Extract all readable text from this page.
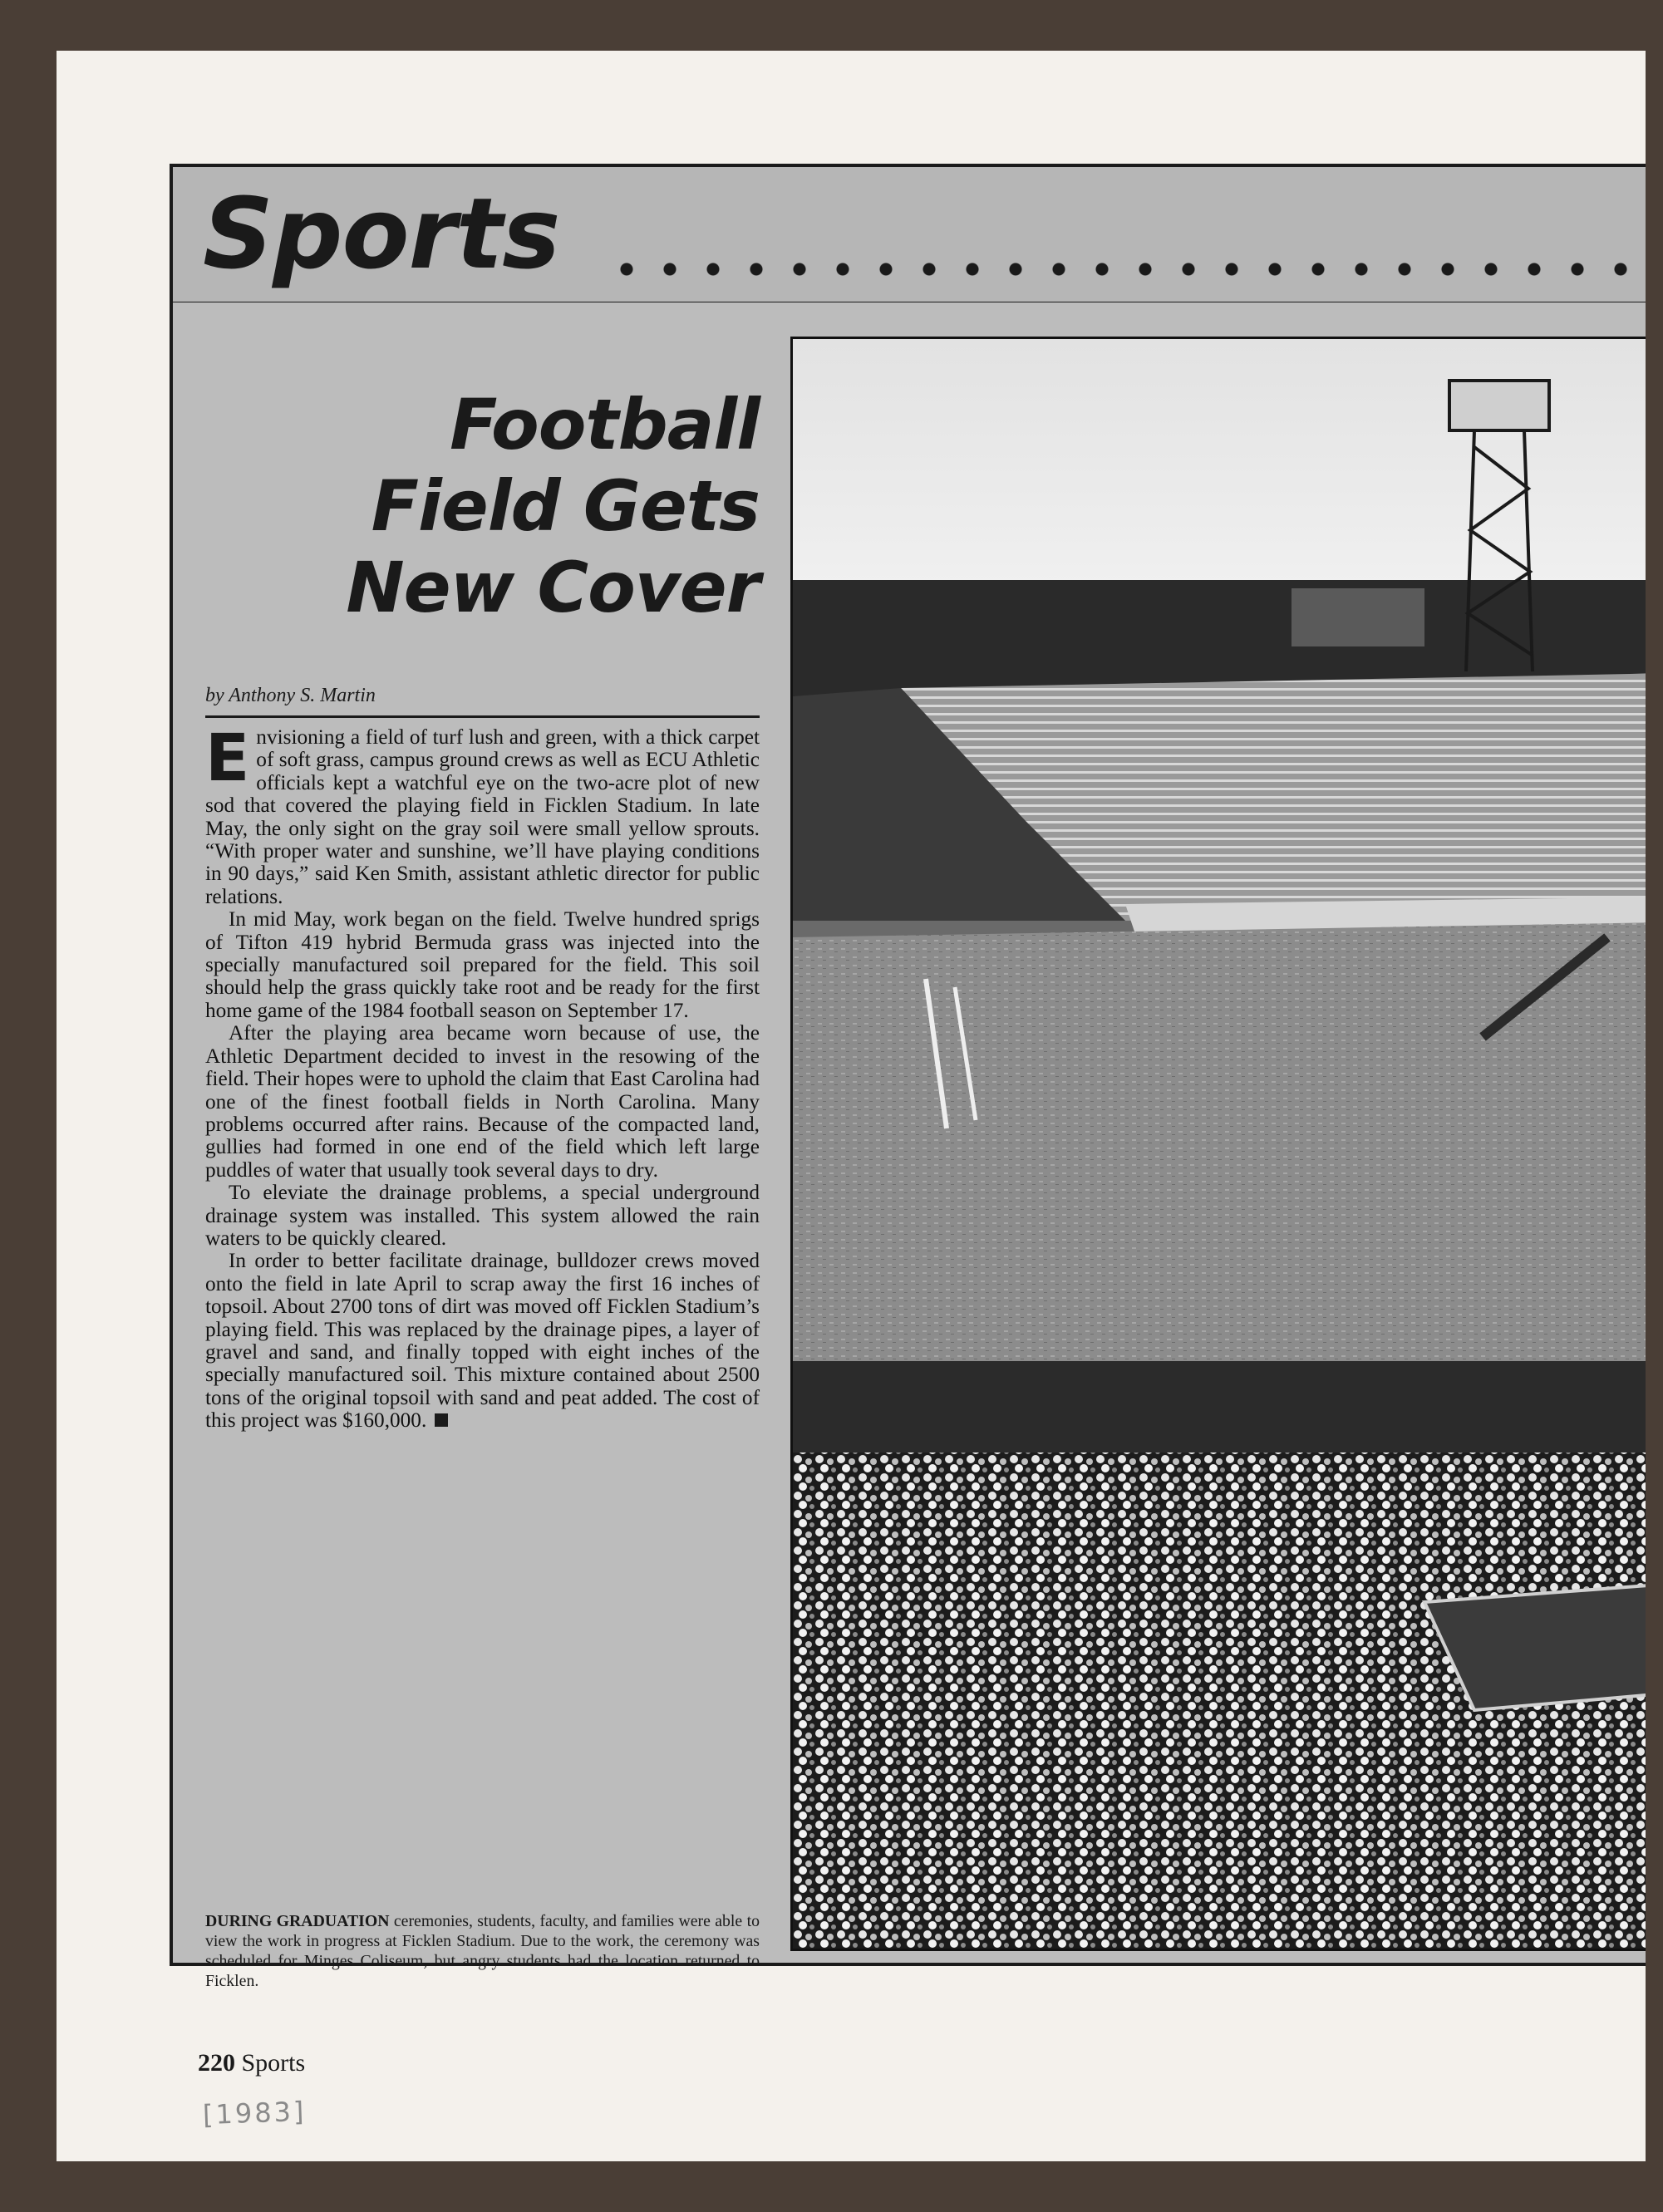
Sports
Football
Field Gets
New Cover
by Anthony S. Martin

Envisioning a field of turf lush and green, with a thick carpet of soft grass, campus ground crews as well as ECU Athletic officials kept a watchful eye on the two-acre plot of new sod that covered the playing field in Ficklen Stadium. In late May, the only sight on the gray soil were small yellow sprouts. “With proper water and sunshine, we’ll have playing conditions in 90 days,” said Ken Smith, assistant athletic director for public relations.

In mid May, work began on the field. Twelve hundred sprigs of Tifton 419 hybrid Bermuda grass was injected into the specially manufactured soil prepared for the field. This soil should help the grass quickly take root and be ready for the first home game of the 1984 football season on September 17.

After the playing area became worn because of use, the Athletic Department decided to invest in the resowing of the field. Their hopes were to uphold the claim that East Carolina had one of the finest football fields in North Carolina. Many problems occurred after rains. Because of the compacted land, gullies had formed in one end of the field which left large puddles of water that usually took several days to dry.

To eleviate the drainage problems, a special underground drainage system was installed. This system allowed the rain waters to be quickly cleared.

In order to better facilitate drainage, bulldozer crews moved onto the field in late April to scrap away the first 16 inches of topsoil. About 2700 tons of dirt was moved off Ficklen Stadium’s playing field. This was replaced by the drainage pipes, a layer of gravel and sand, and finally topped with eight inches of the specially manufactured soil. This mixture contained about 2500 tons of the original topsoil with sand and peat added. The cost of this project was $160,000.

DURING GRADUATION ceremonies, students, faculty, and families were able to view the work in progress at Ficklen Stadium. Due to the work, the ceremony was scheduled for Minges Coliseum, but angry students had the location returned to Ficklen.

220 Sports
[1983]
